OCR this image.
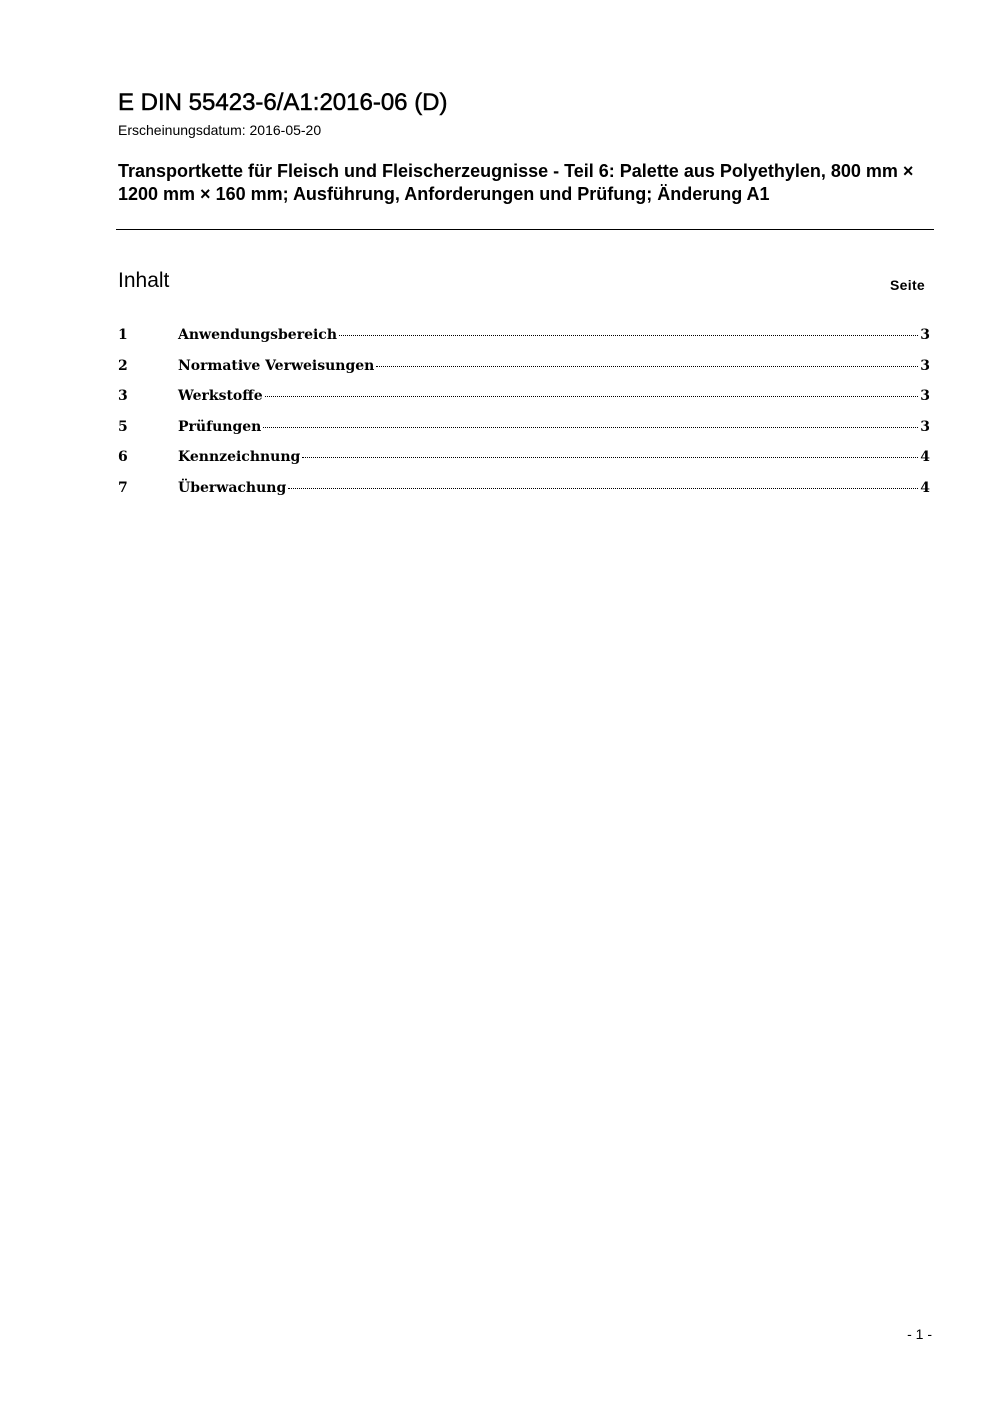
E DIN 55423-6/A1:2016-06 (D)
Erscheinungsdatum: 2016-05-20
Transportkette für Fleisch und Fleischerzeugnisse - Teil 6: Palette aus Polyethylen, 800 mm × 1200 mm × 160 mm; Ausführung, Anforderungen und Prüfung; Änderung A1
Inhalt	Seite
1	Anwendungsbereich	3
2	Normative Verweisungen	3
3	Werkstoffe	3
5	Prüfungen	3
6	Kennzeichnung	4
7	Überwachung	4
- 1 -
